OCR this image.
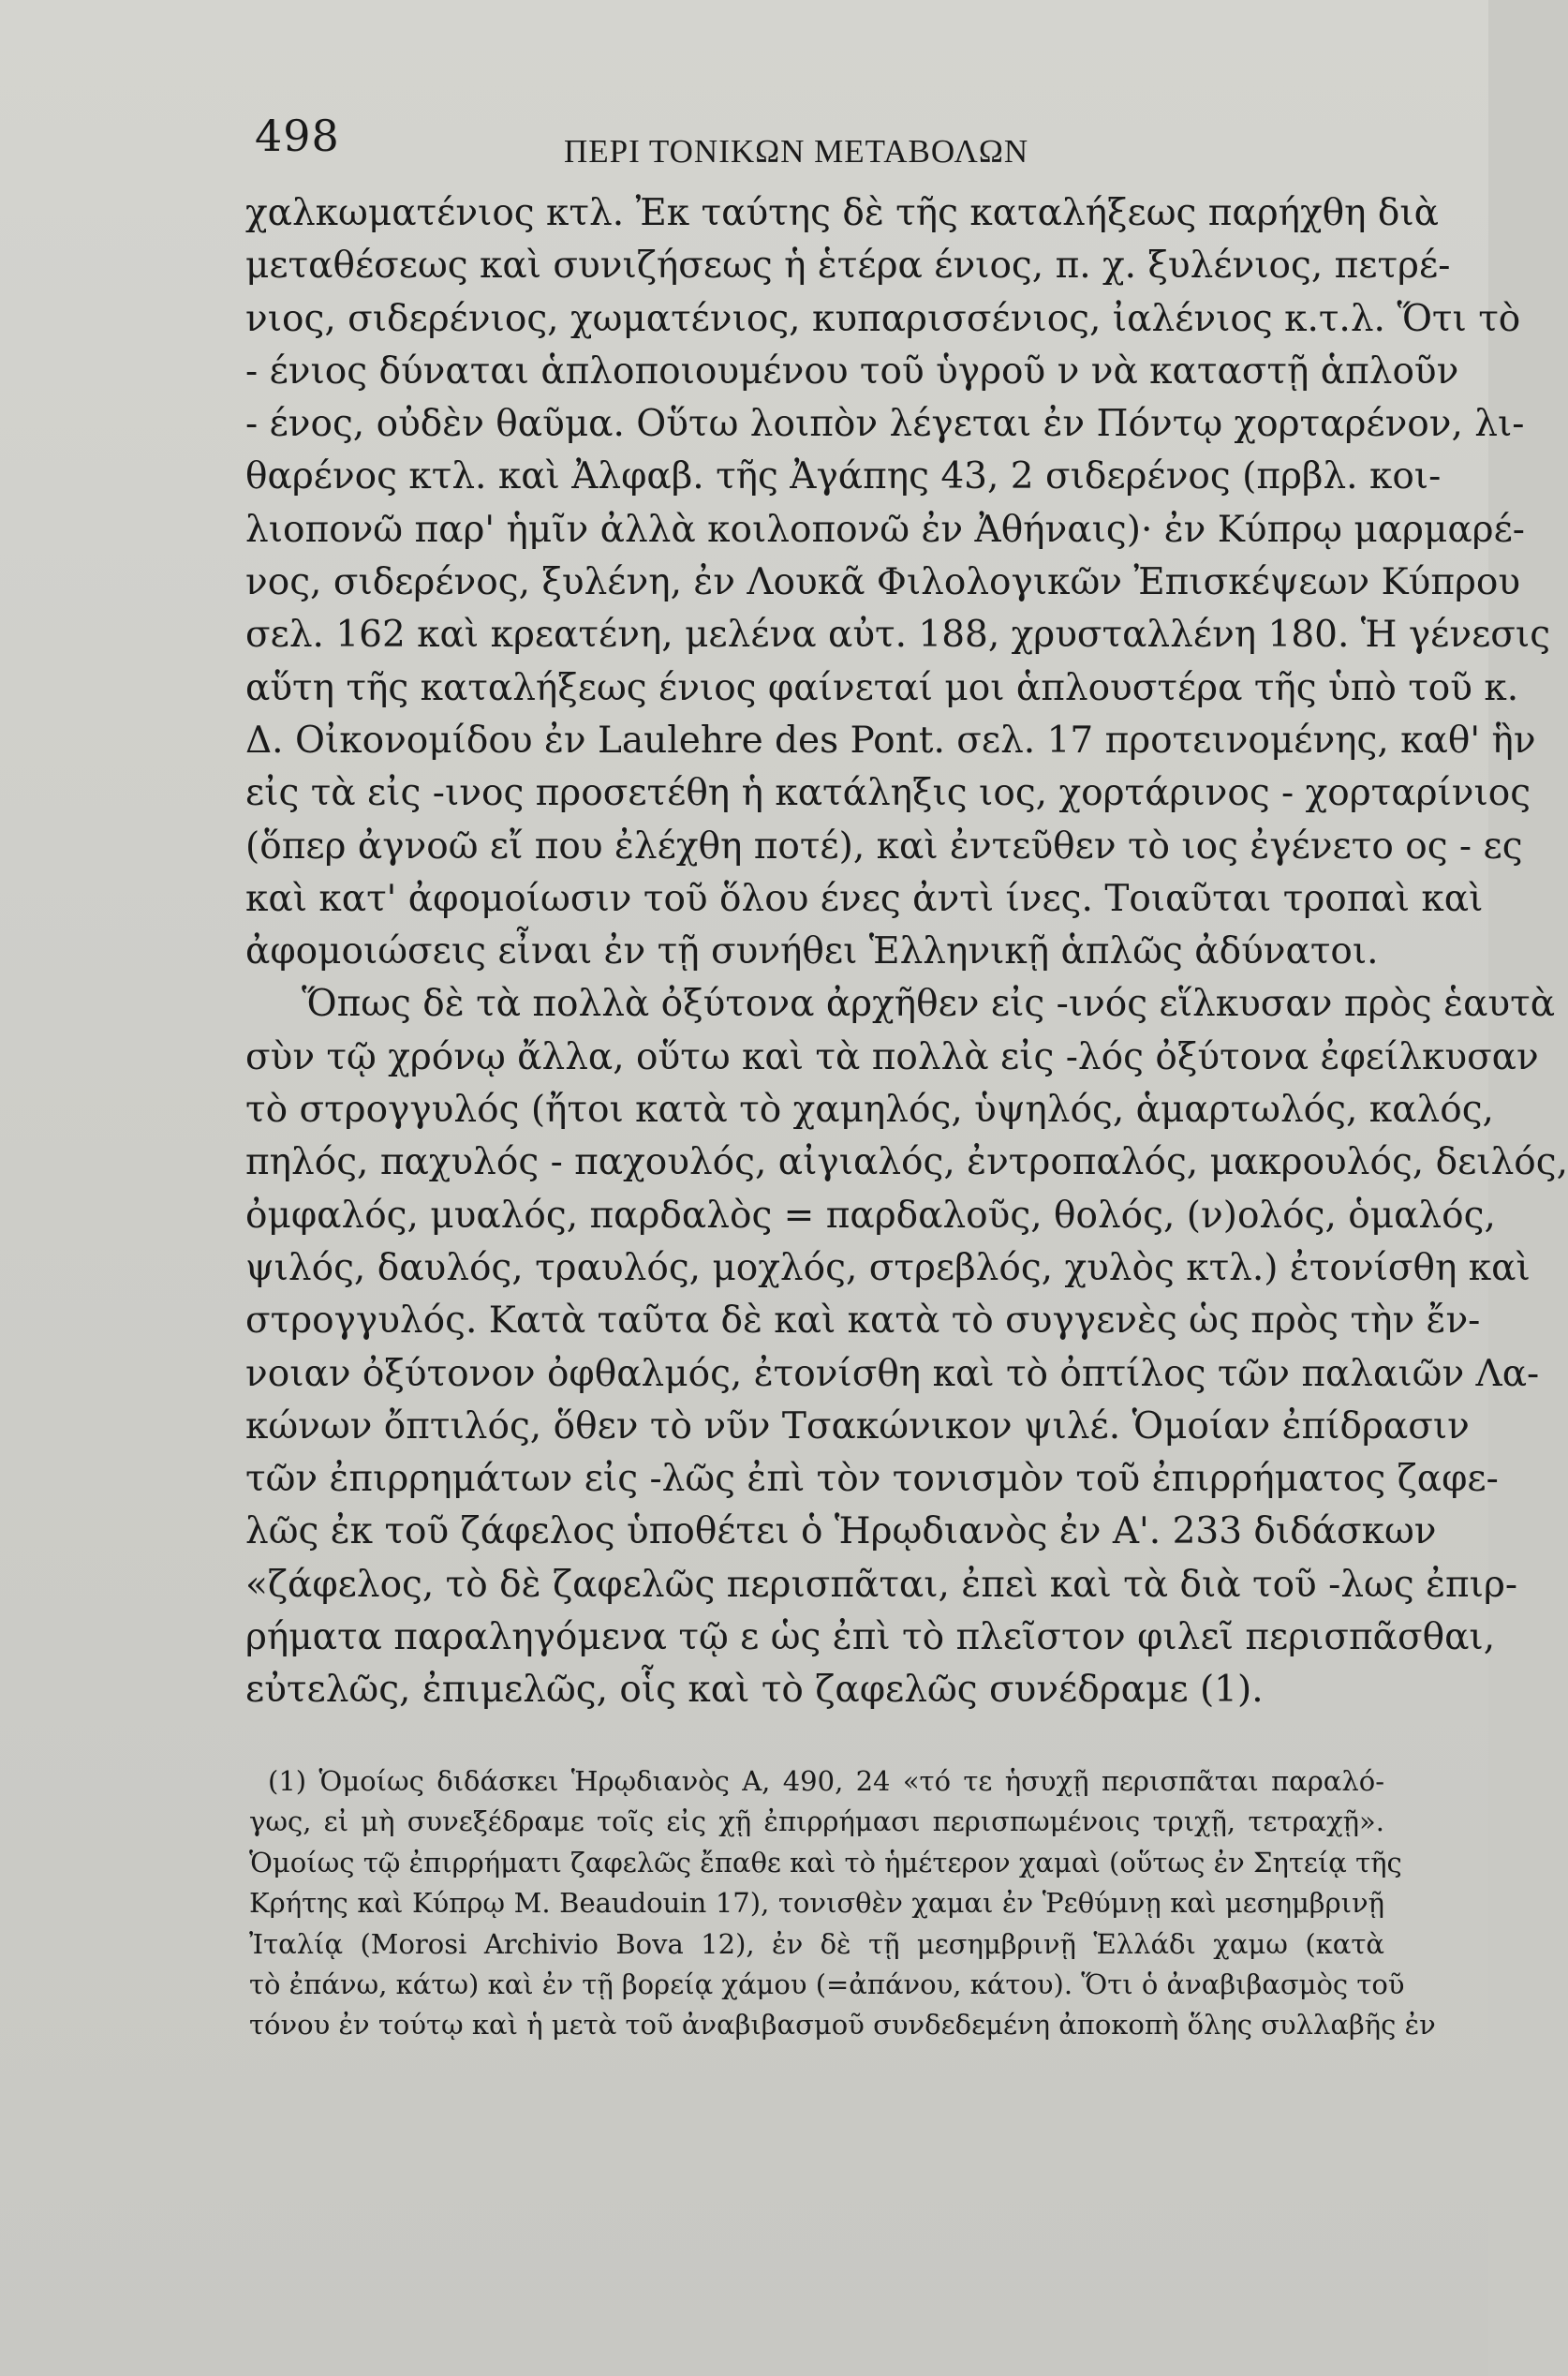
498	ΠΕΡΙ ΤΟΝΙΚΩΝ ΜΕΤΑΒΟΛΩΝ
χαλκωματένιος κτλ. Ἐκ ταύτης δὲ τῆς καταλήξεως παρήχθη διὰ
μεταθέσεως καὶ συνιζήσεως ἡ ἑτέρα ένιος, π. χ. ξυλένιος, πετρέ-
νιος, σιδερένιος, χωματένιος, κυπαρισσένιος, ἰαλένιος κ.τ.λ. Ὅτι τὸ
- ένιος δύναται ἁπλοποιουμένου τοῦ ὑγροῦ ν νὰ καταστῇ ἁπλοῦν
- ένος, οὐδὲν θαῦμα. Οὕτω λοιπὸν λέγεται ἐν Πόντῳ χορταρένον, λι-
θαρένος κτλ. καὶ Ἀλφαβ. τῆς Ἀγάπης 43, 2 σιδερένος (πρβλ. κοι-
λιοπονῶ παρ' ἡμῖν ἀλλὰ κοιλοπονῶ ἐν Ἀθήναις)· ἐν Κύπρῳ μαρμαρέ-
νος, σιδερένος, ξυλένη, ἐν Λουκᾶ Φιλολογικῶν Ἐπισκέψεων Κύπρου
σελ. 162 καὶ κρεατένη, μελένα αὐτ. 188, χρυσταλλένη 180. Ἡ γένεσις
αὕτη τῆς καταλήξεως ένιος φαίνεταί μοι ἁπλουστέρα τῆς ὑπὸ τοῦ κ.
Δ. Οἰκονομίδου ἐν Laulehre des Pont. σελ. 17 προτεινομένης, καθ' ἣν
εἰς τὰ εἰς -ινος προσετέθη ἡ κατάληξις ιος, χορτάρινος - χορταρίνιος
(ὅπερ ἀγνοῶ εἴ που ἐλέχθη ποτέ), καὶ ἐντεῦθεν τὸ ιος ἐγένετο ος - ες
καὶ κατ' ἀφομοίωσιν τοῦ ὅλου ένες ἀντὶ ίνες. Τοιαῦται τροπαὶ καὶ
ἀφομοιώσεις εἶναι ἐν τῇ συνήθει Ἑλληνικῇ ἁπλῶς ἀδύνατοι.
Ὅπως δὲ τὰ πολλὰ ὀξύτονα ἀρχῆθεν εἰς -ινός εἵλκυσαν πρὸς ἑαυτὰ
σὺν τῷ χρόνῳ ἄλλα, οὕτω καὶ τὰ πολλὰ εἰς -λός ὀξύτονα ἐφείλκυσαν
τὸ στρογγυλός (ἤτοι κατὰ τὸ χαμηλός, ὑψηλός, ἁμαρτωλός, καλός,
πηλός, παχυλός - παχουλός, αἰγιαλός, ἐντροπαλός, μακρουλός, δειλός,
ὀμφαλός, μυαλός, παρδαλὸς = παρδαλοῦς, θολός, (ν)ολός, ὁμαλός,
ψιλός, δαυλός, τραυλός, μοχλός, στρεβλός, χυλὸς κτλ.) ἐτονίσθη καὶ
στρογγυλός. Κατὰ ταῦτα δὲ καὶ κατὰ τὸ συγγενὲς ὡς πρὸς τὴν ἔν-
νοιαν ὀξύτονον ὀφθαλμός, ἐτονίσθη καὶ τὸ ὀπτίλος τῶν παλαιῶν Λα-
κώνων ὄπτιλός, ὅθεν τὸ νῦν Τσακώνικον ψιλέ. Ὁμοίαν ἐπίδρασιν
τῶν ἐπιρρημάτων εἰς -λῶς ἐπὶ τὸν τονισμὸν τοῦ ἐπιρρήματος ζαφε-
λῶς ἐκ τοῦ ζάφελος ὑποθέτει ὁ Ἡρῳδιανὸς ἐν Α'. 233 διδάσκων
«ζάφελος, τὸ δὲ ζαφελῶς περισπᾶται, ἐπεὶ καὶ τὰ διὰ τοῦ -λως ἐπιρ-
ρήματα παραληγόμενα τῷ ε ὡς ἐπὶ τὸ πλεῖστον φιλεῖ περισπᾶσθαι,
εὐτελῶς, ἐπιμελῶς, οἷς καὶ τὸ ζαφελῶς συνέδραμε (1).
(1) Ὁμοίως διδάσκει Ἡρῳδιανὸς Α, 490, 24 «τό τε ἡσυχῇ περισπᾶται παραλό-
γως, εἰ μὴ συνεξέδραμε τοῖς εἰς χῇ ἐπιρρήμασι περισπωμένοις τριχῇ, τετραχῇ».
Ὁμοίως τῷ ἐπιρρήματι ζαφελῶς ἔπαθε καὶ τὸ ἡμέτερον χαμαὶ (οὕτως ἐν Σητείᾳ τῆς
Κρήτης καὶ Κύπρῳ Μ. Beaudouin 17), τονισθὲν χαμαι ἐν Ῥεθύμνῃ καὶ μεσημβρινῇ
Ἰταλίᾳ (Morosi Archivio Bova 12), ἐν δὲ τῇ μεσημβρινῇ Ἑλλάδι χαμω (κατὰ
τὸ ἐπάνω, κάτω) καὶ ἐν τῇ βορείᾳ χάμου (=ἀπάνου, κάτου). Ὅτι ὁ ἀναβιβασμὸς τοῦ
τόνου ἐν τούτῳ καὶ ἡ μετὰ τοῦ ἀναβιβασμοῦ συνδεδεμένη ἀποκοπὴ ὅλης συλλαβῆς ἐν
